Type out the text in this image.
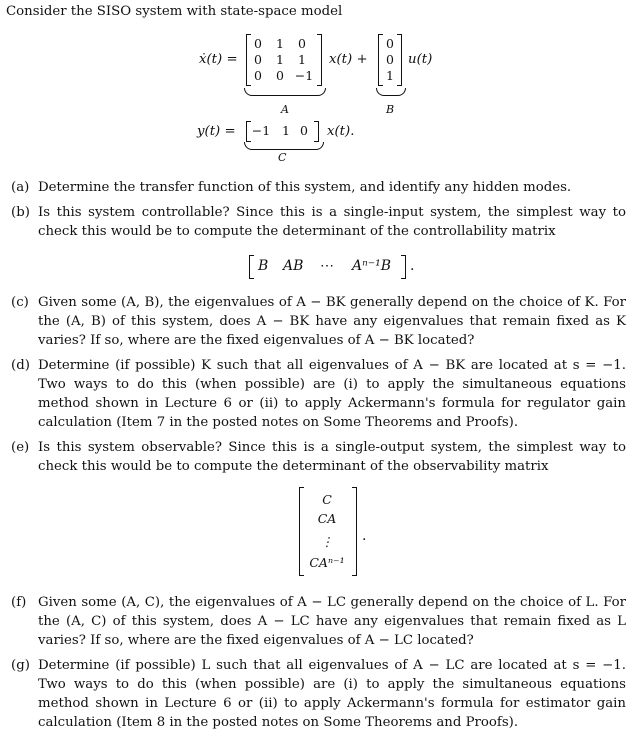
Consider the SISO system with state-space model
ẋ(t) =
0	1	0
0	1	1
0	0 −1
A
x(t) +
0
0
1
B
u(t)
y(t) = −1 1 0
C
x(t).
(a) Determine the transfer function of this system, and identify any hidden modes.
(b) Is this system controllable? Since this is a single-input system, the simplest way to check this would be to compute the determinant of the controllability matrix
B AB ⋯ Aⁿ⁻¹B .
(c) Given some (A, B), the eigenvalues of A − BK generally depend on the choice of K. For the (A, B) of this system, does A − BK have any eigenvalues that remain fixed as K varies? If so, where are the fixed eigenvalues of A − BK located?
(d) Determine (if possible) K such that all eigenvalues of A − BK are located at s = −1. Two ways to do this (when possible) are (i) to apply the simultaneous equations method shown in Lecture 6 or (ii) to apply Ackermann's formula for regulator gain calculation (Item 7 in the posted notes on Some Theorems and Proofs).
(e) Is this system observable? Since this is a single-output system, the simplest way to check this would be to compute the determinant of the observability matrix
C
CA
⋮
CAⁿ⁻¹
.
(f) Given some (A, C), the eigenvalues of A − LC generally depend on the choice of L. For the (A, C) of this system, does A − LC have any eigenvalues that remain fixed as L varies? If so, where are the fixed eigenvalues of A − LC located?
(g) Determine (if possible) L such that all eigenvalues of A − LC are located at s = −1. Two ways to do this (when possible) are (i) to apply the simultaneous equations method shown in Lecture 6 or (ii) to apply Ackermann's formula for estimator gain calculation (Item 8 in the posted notes on Some Theorems and Proofs).
